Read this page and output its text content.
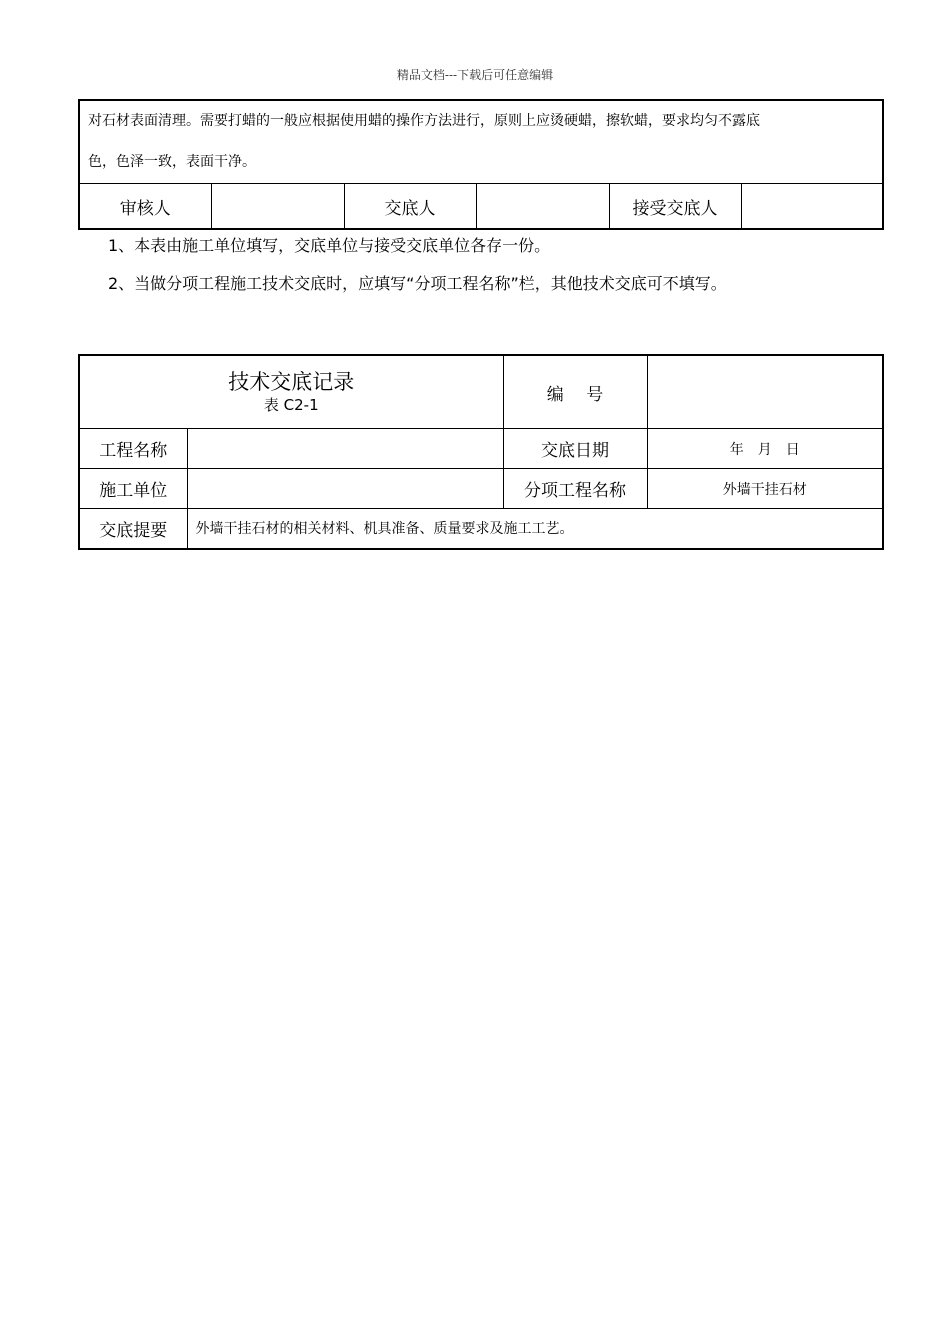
精品文档---下载后可任意编辑
对石材表面清理。需要打蜡的一般应根据使用蜡的操作方法进行，原则上应烫硬蜡，擦软蜡，要求均匀不露底
色，色泽一致，表面干净。

审核人		交底人		接受交底人	
1、本表由施工单位填写，交底单位与接受交底单位各存一份。
2、当做分项工程施工技术交底时，应填写“分项工程名称”栏，其他技术交底可不填写。
技术交底记录
表 C2-1		编　 号	
工程名称		交底日期	年　月　日
施工单位		分项工程名称	外墙干挂石材
交底提要	外墙干挂石材的相关材料、机具准备、质量要求及施工工艺。		
